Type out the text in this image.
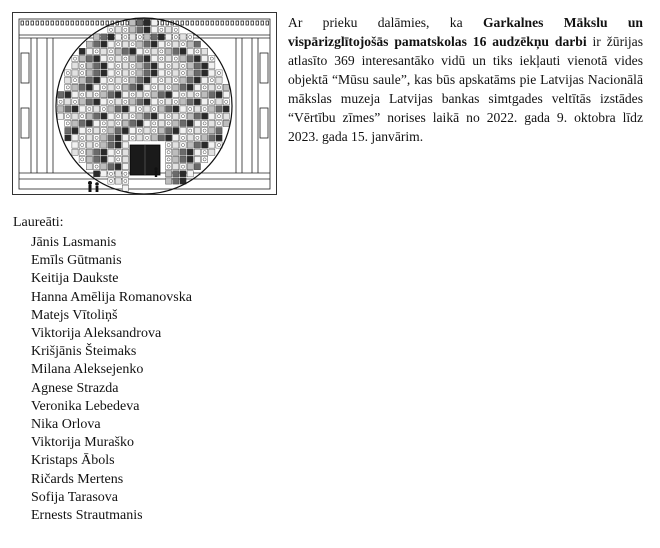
Ar prieku dalāmies, ka Garkalnes Mākslu un vispārizglītojošās pamatskolas 16 audzēkņu darbi ir žūrijas atlasīto 369 interesantāko vidū un tiks iekļauti vienotā vides objektā “Mūsu saule”, kas būs apskatāms pie Latvijas Nacionālā mākslas muzeja Latvijas bankas simtgades veltītās izstādes “Vērtību zīmes” norises laikā no 2022. gada 9. oktobra līdz 2023. gada 15. janvārim.

Laureāti:

Jānis Lasmanis
Emīls Gūtmanis
Keitija Daukste
Hanna Amēlija Romanovska
Matejs Vītoliņš
Viktorija Aleksandrova
Krišjānis Šteimaks
Milana Aleksejenko
Agnese Strazda
Veronika Lebedeva
Nika Orlova
Viktorija Muraško
Kristaps Ābols
Ričards Mertens
Sofija Tarasova
Ernests Strautmanis
